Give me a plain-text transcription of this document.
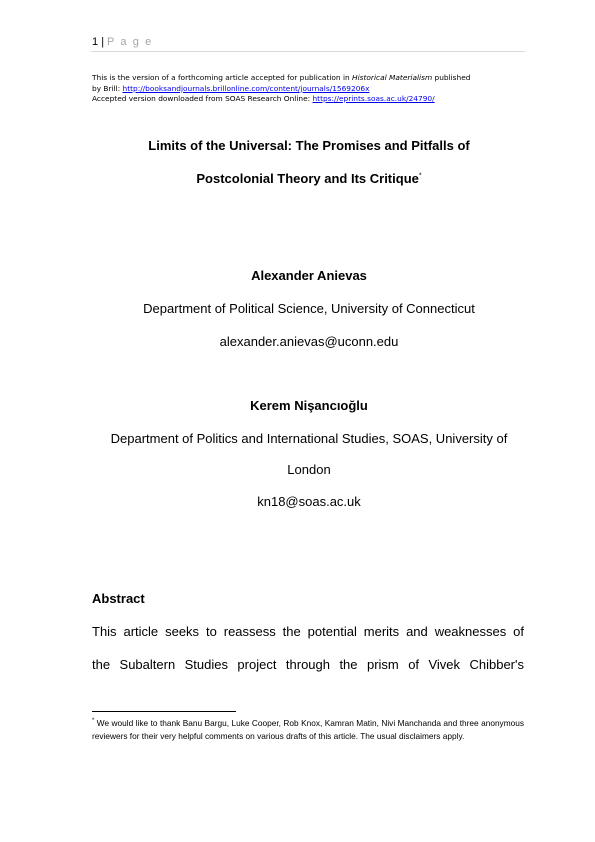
1 | P a g e
This is the version of a forthcoming article accepted for publication in Historical Materialism published
by Brill: http://booksandjournals.brillonline.com/content/journals/1569206x
Accepted version downloaded from SOAS Research Online: https://eprints.soas.ac.uk/24790/
Limits of the Universal: The Promises and Pitfalls of
Postcolonial Theory and Its Critique*
Alexander Anievas
Department of Political Science, University of Connecticut
alexander.anievas@uconn.edu
Kerem Nişancıoğlu
Department of Politics and International Studies, SOAS, University of
London
kn18@soas.ac.uk
Abstract
This article seeks to reassess the potential merits and weaknesses of
the Subaltern Studies project through the prism of Vivek Chibber's
* We would like to thank Banu Bargu, Luke Cooper, Rob Knox, Kamran Matin, Nivi Manchanda and three anonymous reviewers for their very helpful comments on various drafts of this article. The usual disclaimers apply.
